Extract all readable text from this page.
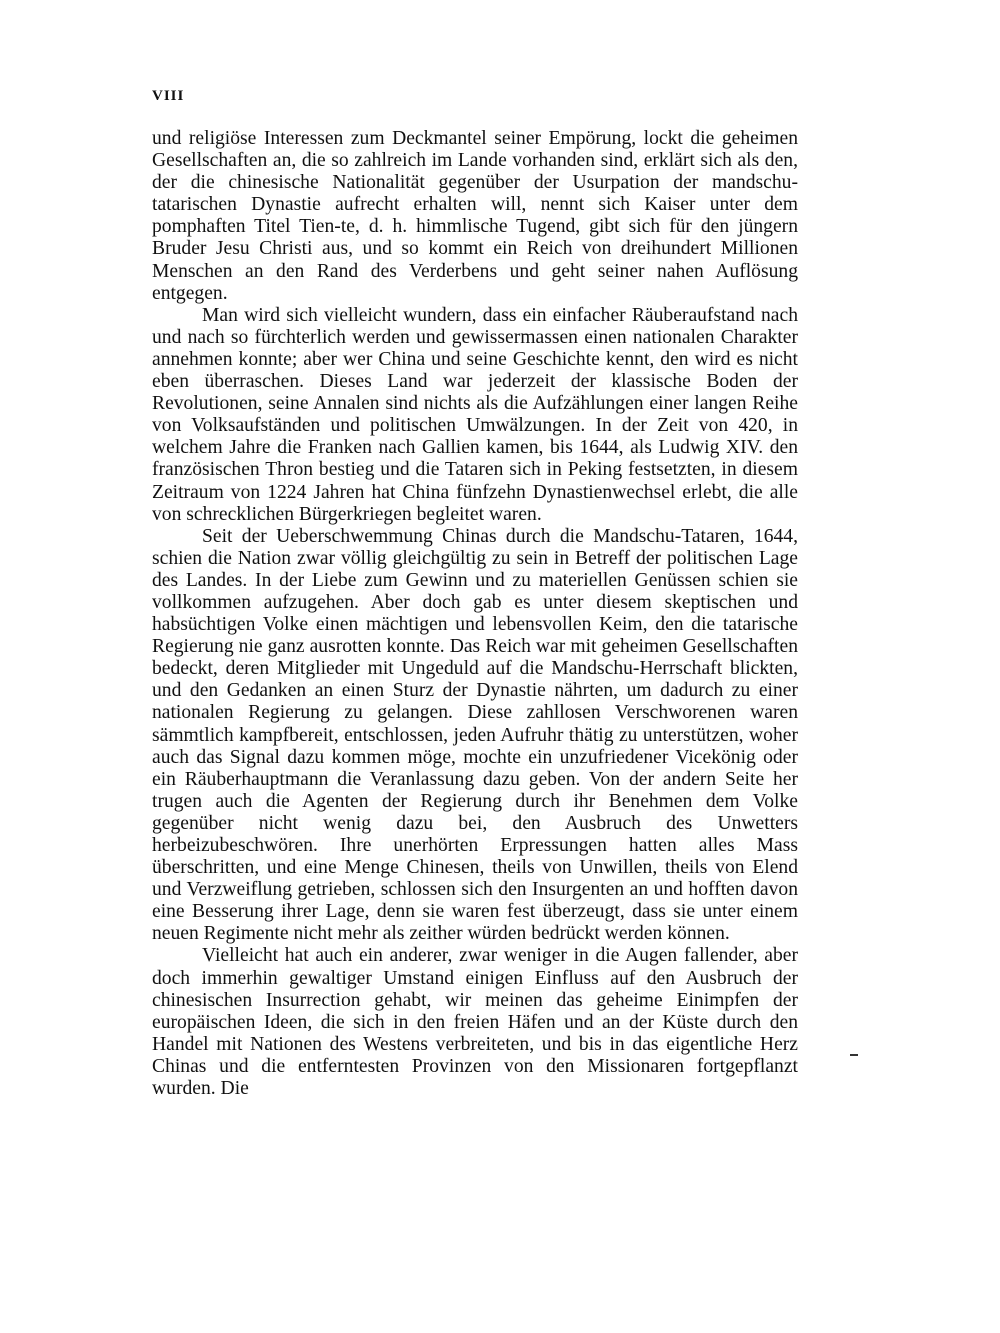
VIII

und religiöse Interessen zum Deckmantel seiner Empörung, lockt die geheimen Gesellschaften an, die so zahlreich im Lande vorhanden sind, erklärt sich als den, der die chinesische Nationalität gegenüber der Usurpation der mandschu-tatarischen Dynastie aufrecht erhalten will, nennt sich Kaiser unter dem pomphaften Titel Tien-te, d. h. himmlische Tugend, gibt sich für den jüngern Bruder Jesu Christi aus, und so kommt ein Reich von dreihundert Millionen Menschen an den Rand des Verderbens und geht seiner nahen Auflösung entgegen.

Man wird sich vielleicht wundern, dass ein einfacher Räuberaufstand nach und nach so fürchterlich werden und gewissermassen einen nationalen Charakter annehmen konnte; aber wer China und seine Geschichte kennt, den wird es nicht eben überraschen. Dieses Land war jederzeit der klassische Boden der Revolutionen, seine Annalen sind nichts als die Aufzählungen einer langen Reihe von Volksaufständen und politischen Umwälzungen. In der Zeit von 420, in welchem Jahre die Franken nach Gallien kamen, bis 1644, als Ludwig XIV. den französischen Thron bestieg und die Tataren sich in Peking festsetzten, in diesem Zeitraum von 1224 Jahren hat China fünfzehn Dynastienwechsel erlebt, die alle von schrecklichen Bürgerkriegen begleitet waren.

Seit der Ueberschwemmung Chinas durch die Mandschu-Tataren, 1644, schien die Nation zwar völlig gleichgültig zu sein in Betreff der politischen Lage des Landes. In der Liebe zum Gewinn und zu materiellen Genüssen schien sie vollkommen aufzugehen. Aber doch gab es unter diesem skeptischen und habsüchtigen Volke einen mächtigen und lebensvollen Keim, den die tatarische Regierung nie ganz ausrotten konnte. Das Reich war mit geheimen Gesellschaften bedeckt, deren Mitglieder mit Ungeduld auf die Mandschu-Herrschaft blickten, und den Gedanken an einen Sturz der Dynastie nährten, um dadurch zu einer nationalen Regierung zu gelangen. Diese zahllosen Verschworenen waren sämmtlich kampfbereit, entschlossen, jeden Aufruhr thätig zu unterstützen, woher auch das Signal dazu kommen möge, mochte ein unzufriedener Vicekönig oder ein Räuberhauptmann die Veranlassung dazu geben. Von der andern Seite her trugen auch die Agenten der Regierung durch ihr Benehmen dem Volke gegenüber nicht wenig dazu bei, den Ausbruch des Unwetters herbeizubeschwören. Ihre unerhörten Erpressungen hatten alles Mass überschritten, und eine Menge Chinesen, theils von Unwillen, theils von Elend und Verzweiflung getrieben, schlossen sich den Insurgenten an und hofften davon eine Besserung ihrer Lage, denn sie waren fest überzeugt, dass sie unter einem neuen Regimente nicht mehr als zeither würden bedrückt werden können.

Vielleicht hat auch ein anderer, zwar weniger in die Augen fallender, aber doch immerhin gewaltiger Umstand einigen Einfluss auf den Ausbruch der chinesischen Insurrection gehabt, wir meinen das geheime Einimpfen der europäischen Ideen, die sich in den freien Häfen und an der Küste durch den Handel mit Nationen des Westens verbreiteten, und bis in das eigentliche Herz Chinas und die entferntesten Provinzen von den Missionaren fortgepflanzt wurden. Die
